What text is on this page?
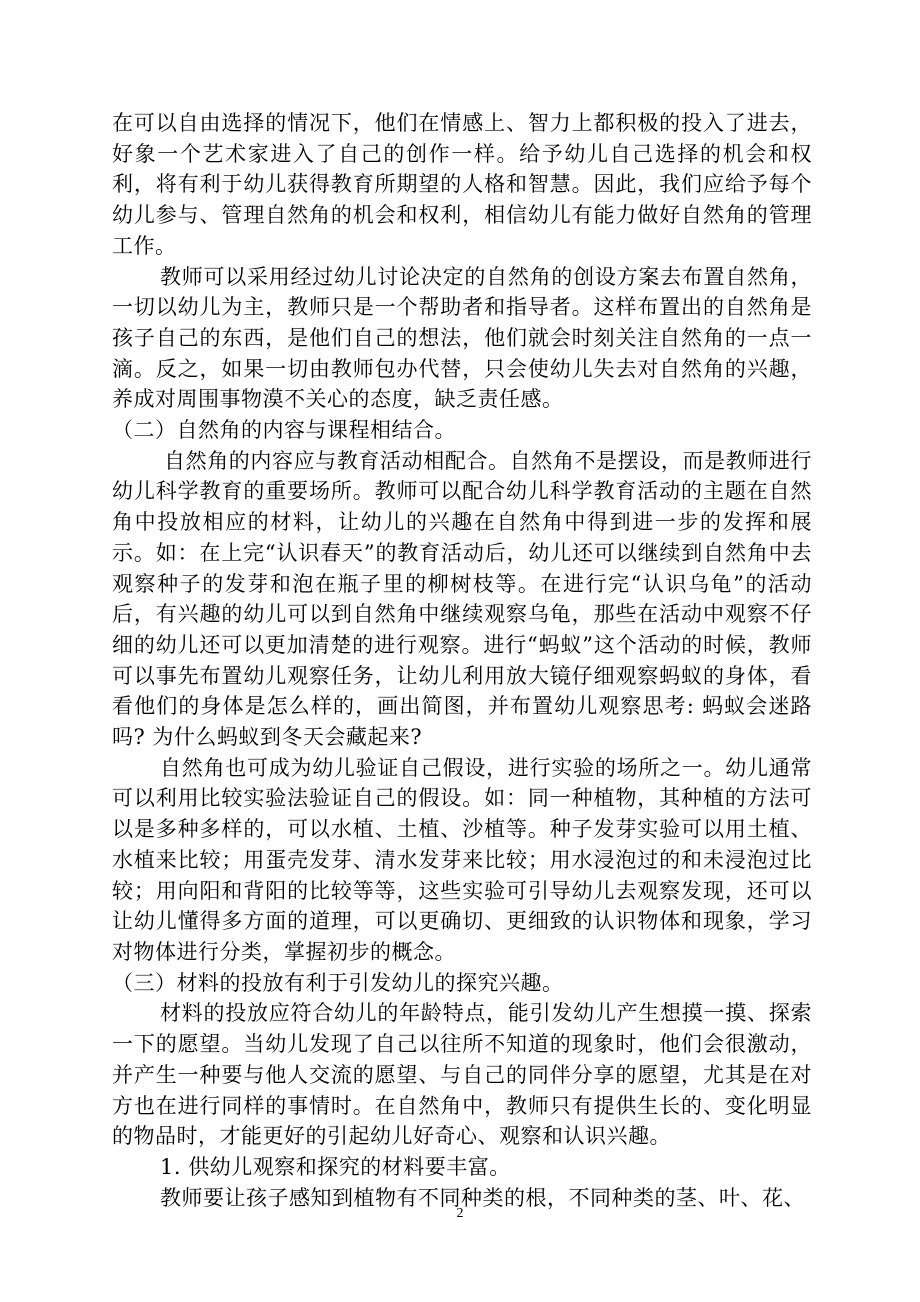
在可以自由选择的情况下，他们在情感上、智力上都积极的投入了进去，好象一个艺术家进入了自己的创作一样。给予幼儿自己选择的机会和权利，将有利于幼儿获得教育所期望的人格和智慧。因此，我们应给予每个幼儿参与、管理自然角的机会和权利，相信幼儿有能力做好自然角的管理工作。

教师可以采用经过幼儿讨论决定的自然角的创设方案去布置自然角，一切以幼儿为主，教师只是一个帮助者和指导者。这样布置出的自然角是孩子自己的东西，是他们自己的想法，他们就会时刻关注自然角的一点一滴。反之，如果一切由教师包办代替，只会使幼儿失去对自然角的兴趣，养成对周围事物漠不关心的态度，缺乏责任感。

（二）自然角的内容与课程相结合。

自然角的内容应与教育活动相配合。自然角不是摆设，而是教师进行幼儿科学教育的重要场所。教师可以配合幼儿科学教育活动的主题在自然角中投放相应的材料，让幼儿的兴趣在自然角中得到进一步的发挥和展示。如：在上完“认识春天”的教育活动后，幼儿还可以继续到自然角中去观察种子的发芽和泡在瓶子里的柳树枝等。在进行完“认识乌龟”的活动后，有兴趣的幼儿可以到自然角中继续观察乌龟，那些在活动中观察不仔细的幼儿还可以更加清楚的进行观察。进行“蚂蚁”这个活动的时候，教师可以事先布置幼儿观察任务，让幼儿利用放大镜仔细观察蚂蚁的身体，看看他们的身体是怎么样的，画出简图，并布置幼儿观察思考: 蚂蚁会迷路吗? 为什么蚂蚁到冬天会藏起来?

自然角也可成为幼儿验证自己假设，进行实验的场所之一。幼儿通常可以利用比较实验法验证自己的假设。如：同一种植物，其种植的方法可以是多种多样的，可以水植、土植、沙植等。种子发芽实验可以用土植、水植来比较；用蛋壳发芽、清水发芽来比较；用水浸泡过的和未浸泡过比较；用向阳和背阳的比较等等，这些实验可引导幼儿去观察发现，还可以让幼儿懂得多方面的道理，可以更确切、更细致的认识物体和现象，学习对物体进行分类，掌握初步的概念。

（三）材料的投放有利于引发幼儿的探究兴趣。

材料的投放应符合幼儿的年龄特点，能引发幼儿产生想摸一摸、探索一下的愿望。当幼儿发现了自己以往所不知道的现象时，他们会很激动，并产生一种要与他人交流的愿望、与自己的同伴分享的愿望，尤其是在对方也在进行同样的事情时。在自然角中，教师只有提供生长的、变化明显的物品时，才能更好的引起幼儿好奇心、观察和认识兴趣。

1. 供幼儿观察和探究的材料要丰富。

教师要让孩子感知到植物有不同种类的根，不同种类的茎、叶、花、

2
